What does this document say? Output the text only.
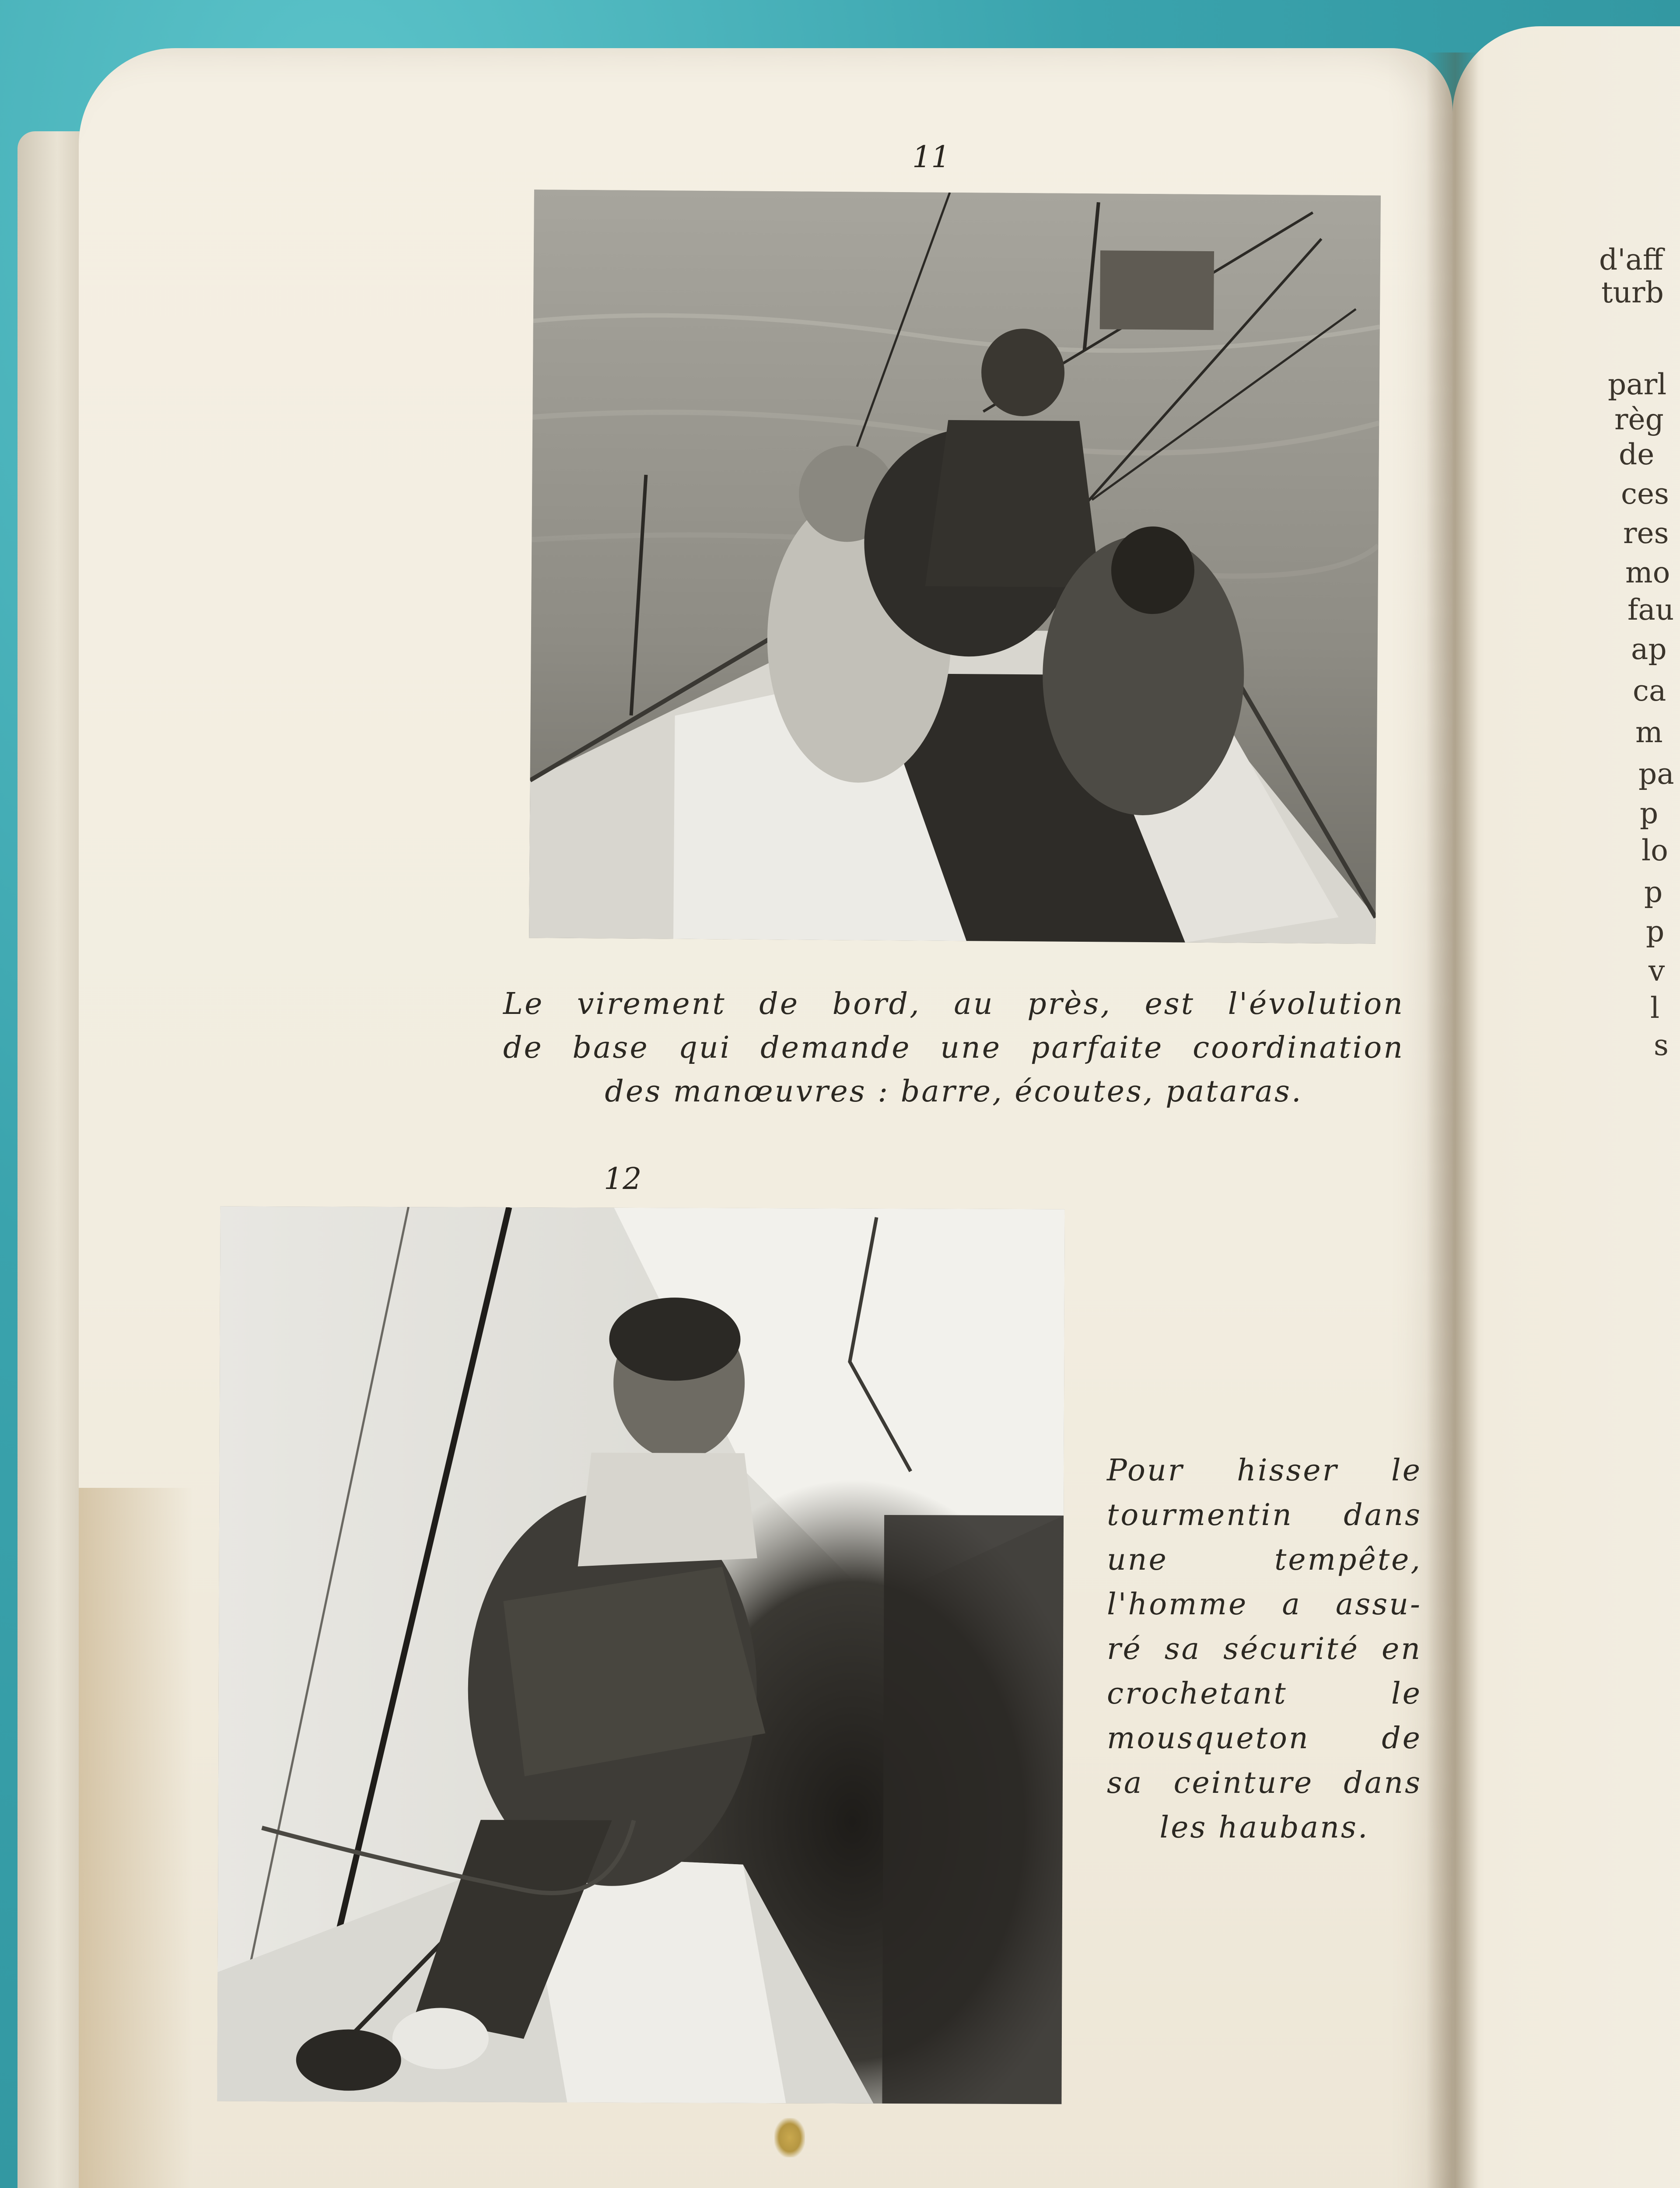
11
Le virement de bord, au près, est l'évolution
de base qui demande une parfaite coordination
des manœuvres : barre, écoutes, pataras.
12
Pour hisser le
tourmentin dans
une tempête,
l'homme a assu-
ré sa sécurité en
crochetant le
mousqueton de
sa ceinture dans
les haubans.
d'aff
turb
parl
règ
de
ces
res
mo
fau
ap
ca
m
pa
p
lo
p
p
v
l
s
